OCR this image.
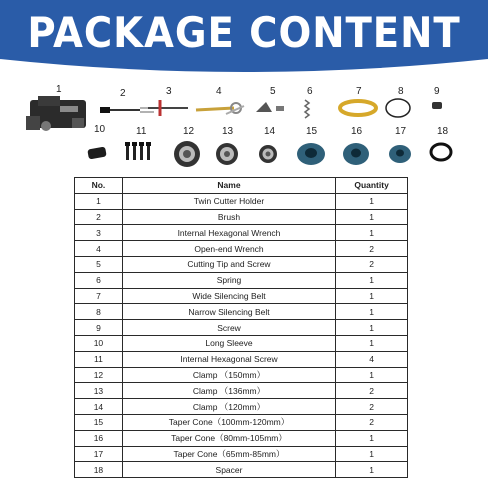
PACKAGE CONTENT
1	2	3	4	5	6	7	8	9
10	11	12	13	14	15	16	17	18
No.	Name	Quantity
1	Twin Cutter Holder	1
2	Brush	1
3	Internal Hexagonal Wrench	1
4	Open-end Wrench	2
5	Cutting Tip and Screw	2
6	Spring	1
7	Wide Silencing Belt	1
8	Narrow Silencing Belt	1
9	Screw	1
10	Long Sleeve	1
11	Internal Hexagonal Screw	4
12	Clamp （150mm）	1
13	Clamp （136mm）	2
14	Clamp （120mm）	2
15	Taper Cone（100mm-120mm）	2
16	Taper Cone（80mm-105mm）	1
17	Taper Cone（65mm-85mm）	1
18	Spacer	1
